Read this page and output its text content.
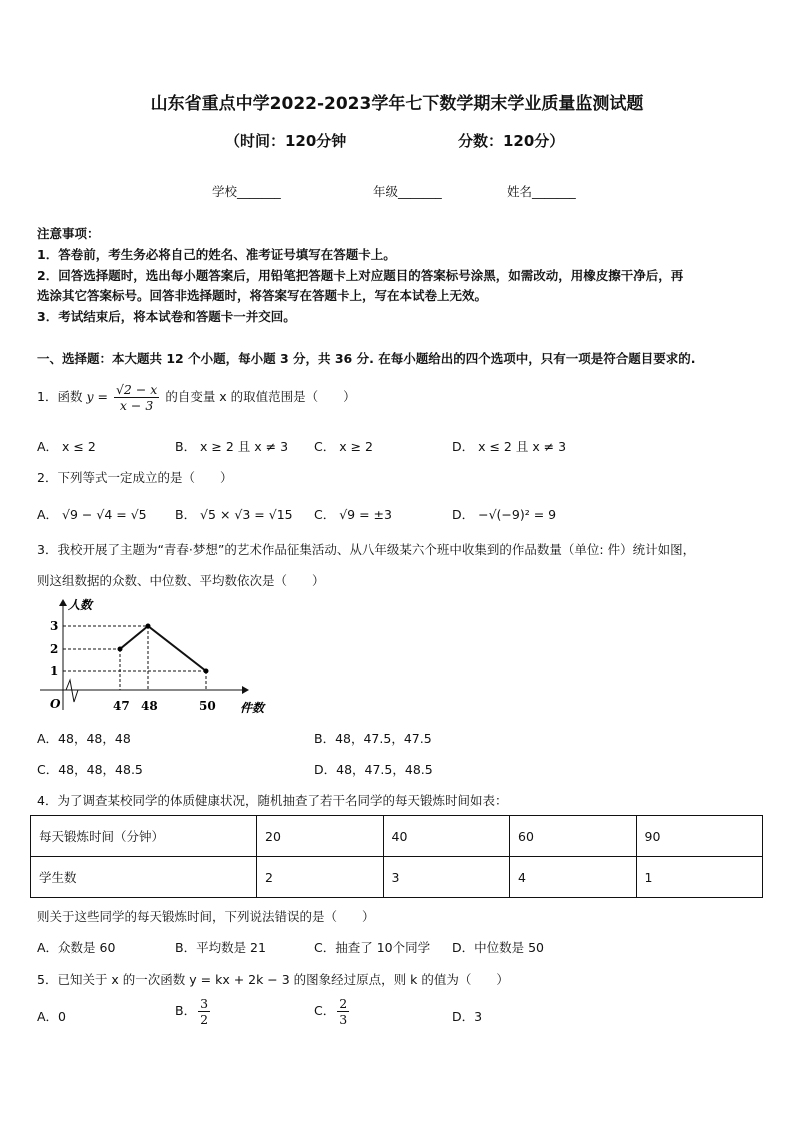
山东省重点中学2022-2023学年七下数学期末学业质量监测试题
（时间：120分钟	分数：120分）
学校_______	年级_______	姓名_______
注意事项：
1．答卷前，考生务必将自己的姓名、准考证号填写在答题卡上。
2．回答选择题时，选出每小题答案后，用铅笔把答题卡上对应题目的答案标号涂黑，如需改动，用橡皮擦干净后，再
选涂其它答案标号。回答非选择题时，将答案写在答题卡上，写在本试卷上无效。
3．考试结束后，将本试卷和答题卡一并交回。
一、选择题：本大题共 12 个小题，每小题 3 分，共 36 分. 在每小题给出的四个选项中，只有一项是符合题目要求的.
1．函数 $y = \frac{√2 - x}{x - 3}$ 的自变量 x 的取值范围是（　　）
A． x ≤ 2	B． x ≥ 2 且 x ≠ 3 C． x ≥ 2	D． x ≤ 2 且 x ≠ 3
2．下列等式一定成立的是（　　）
A． √9 − √4 = √5 B． √5 × √3 = √15 C． √9 = ±3	D． −√(−9)² = 9
3．我校开展了主题为“青春·梦想”的艺术作品征集活动、从八年级某六个班中收集到的作品数量（单位: 件）统计如图，
则这组数据的众数、中位数、平均数依次是（　　）
人数
件数
O
1
2
3
47 48	50
A．48，48，48	B．48，47.5，47.5
C．48，48，48.5	D．48，47.5，48.5
4．为了调查某校同学的体质健康状况，随机抽查了若干名同学的每天锻炼时间如表：
每天锻炼时间（分钟）	20	40	60	90
学生数	2	3	4	1
则关于这些同学的每天锻炼时间，下列说法错误的是（　　）
A．众数是 60	B．平均数是 21	C．抽查了 10个同学 D．中位数是 50
5．已知关于 x 的一次函数 y = kx + 2k − 3 的图象经过原点，则 k 的值为（　　）
A．0	B． $\frac{3}{2}$	C． $\frac{2}{3}$	D．3
